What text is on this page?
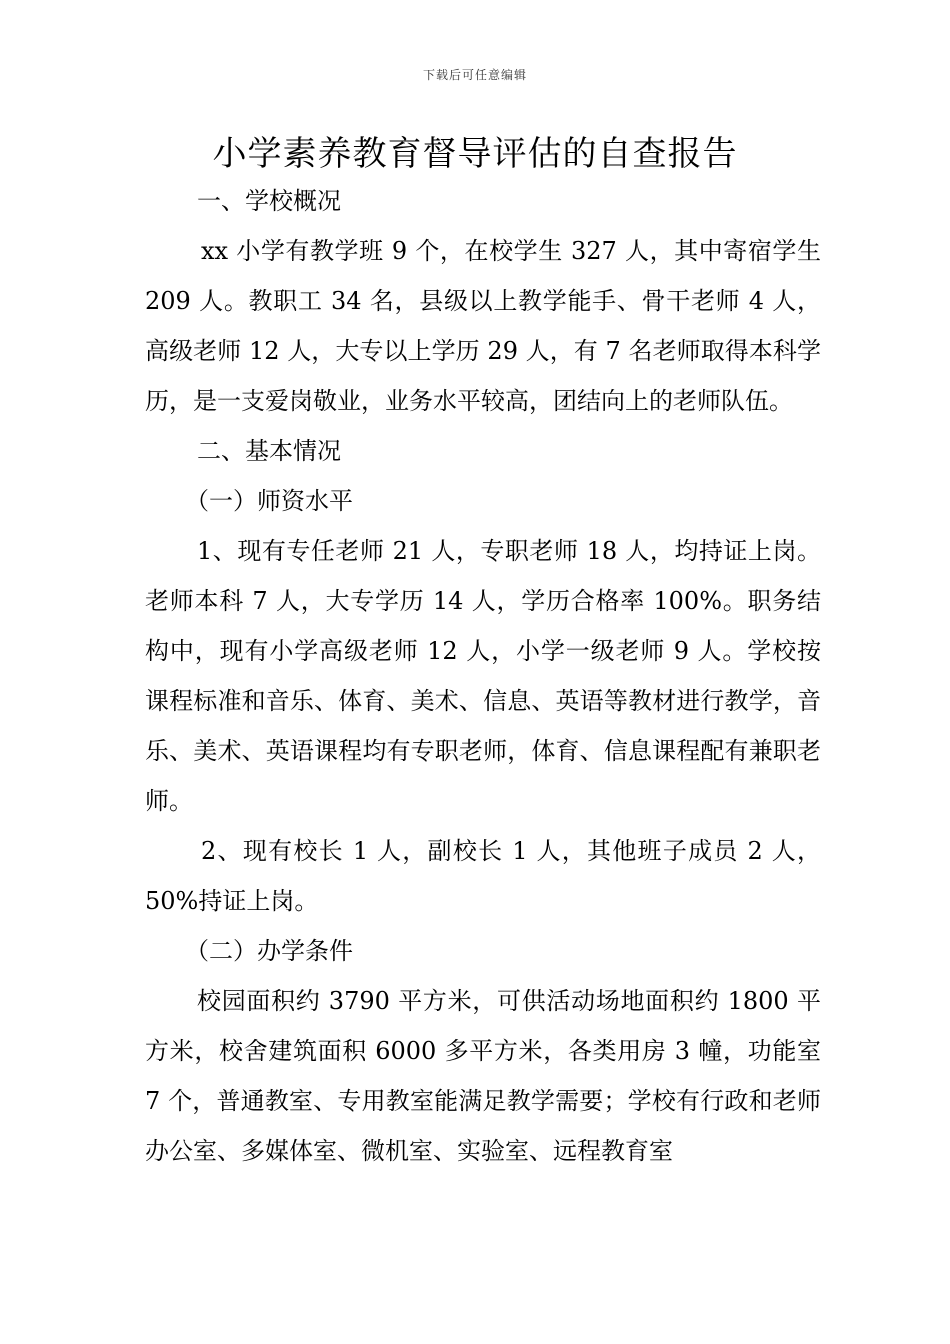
下载后可任意编辑
小学素养教育督导评估的自查报告

一、学校概况

xx 小学有教学班 9 个，在校学生 327 人，其中寄宿学生 209 人。教职工 34 名，县级以上教学能手、骨干老师 4 人，高级老师 12 人，大专以上学历 29 人，有 7 名老师取得本科学历，是一支爱岗敬业，业务水平较高，团结向上的老师队伍。

二、基本情况

（一）师资水平

1、现有专任老师 21 人，专职老师 18 人，均持证上岗。老师本科 7 人，大专学历 14 人，学历合格率 100%。职务结构中，现有小学高级老师 12 人，小学一级老师 9 人。学校按课程标准和音乐、体育、美术、信息、英语等教材进行教学，音乐、美术、英语课程均有专职老师，体育、信息课程配有兼职老师。

2、现有校长 1 人，副校长 1 人，其他班子成员 2 人，50%持证上岗。

（二）办学条件

校园面积约 3790 平方米，可供活动场地面积约 1800 平方米，校舍建筑面积 6000 多平方米，各类用房 3 幢，功能室 7 个，普通教室、专用教室能满足教学需要；学校有行政和老师办公室、多媒体室、微机室、实验室、远程教育室
